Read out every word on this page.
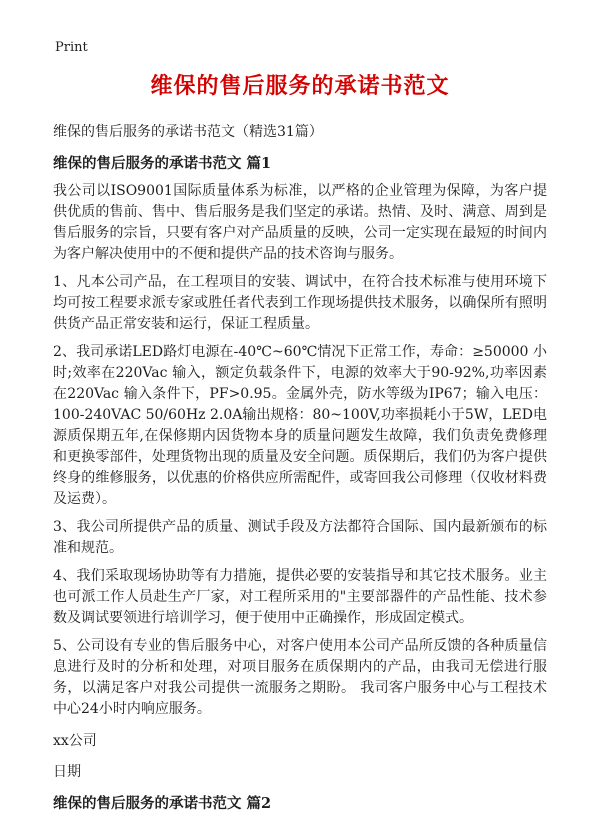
Print
维保的售后服务的承诺书范文
维保的售后服务的承诺书范文（精选31篇）
维保的售后服务的承诺书范文 篇1
我公司以ISO9001国际质量体系为标准，以严格的企业管理为保障，为客户提供优质的售前、售中、售后服务是我们坚定的承诺。热情、及时、满意、周到是售后服务的宗旨，只要有客户对产品质量的反映，公司一定实现在最短的时间内为客户解决使用中的不便和提供产品的技术咨询与服务。
1、凡本公司产品，在工程项目的安装、调试中，在符合技术标准与使用环境下均可按工程要求派专家或胜任者代表到工作现场提供技术服务，以确保所有照明供货产品正常安装和运行，保证工程质量。
2、我司承诺LED路灯电源在-40℃~60℃情况下正常工作，寿命：≥50000 小时;效率在220Vac 输入，额定负载条件下，电源的效率大于90-92%,功率因素在220Vac 输入条件下，PF>0.95。金属外壳，防水等级为IP67；输入电压：100-240VAC 50/60Hz 2.0A输出规格：80~100V,功率损耗小于5W，LED电源质保期五年,在保修期内因货物本身的质量问题发生故障，我们负责免费修理和更换零部件，处理货物出现的质量及安全问题。质保期后，我们仍为客户提供终身的维修服务，以优惠的价格供应所需配件，或寄回我公司修理（仅收材料费及运费）。
3、我公司所提供产品的质量、测试手段及方法都符合国际、国内最新颁布的标准和规范。
4、我们采取现场协助等有力措施，提供必要的安装指导和其它技术服务。业主也可派工作人员赴生产厂家，对工程所采用的"主要部器件的产品性能、技术参数及调试要领进行培训学习，便于使用中正确操作，形成固定模式。
5、公司设有专业的售后服务中心，对客户使用本公司产品所反馈的各种质量信息进行及时的分析和处理，对项目服务在质保期内的产品，由我司无偿进行服务，以满足客户对我公司提供一流服务之期盼。 我司客户服务中心与工程技术中心24小时内响应服务。
xx公司
日期
维保的售后服务的承诺书范文 篇2
